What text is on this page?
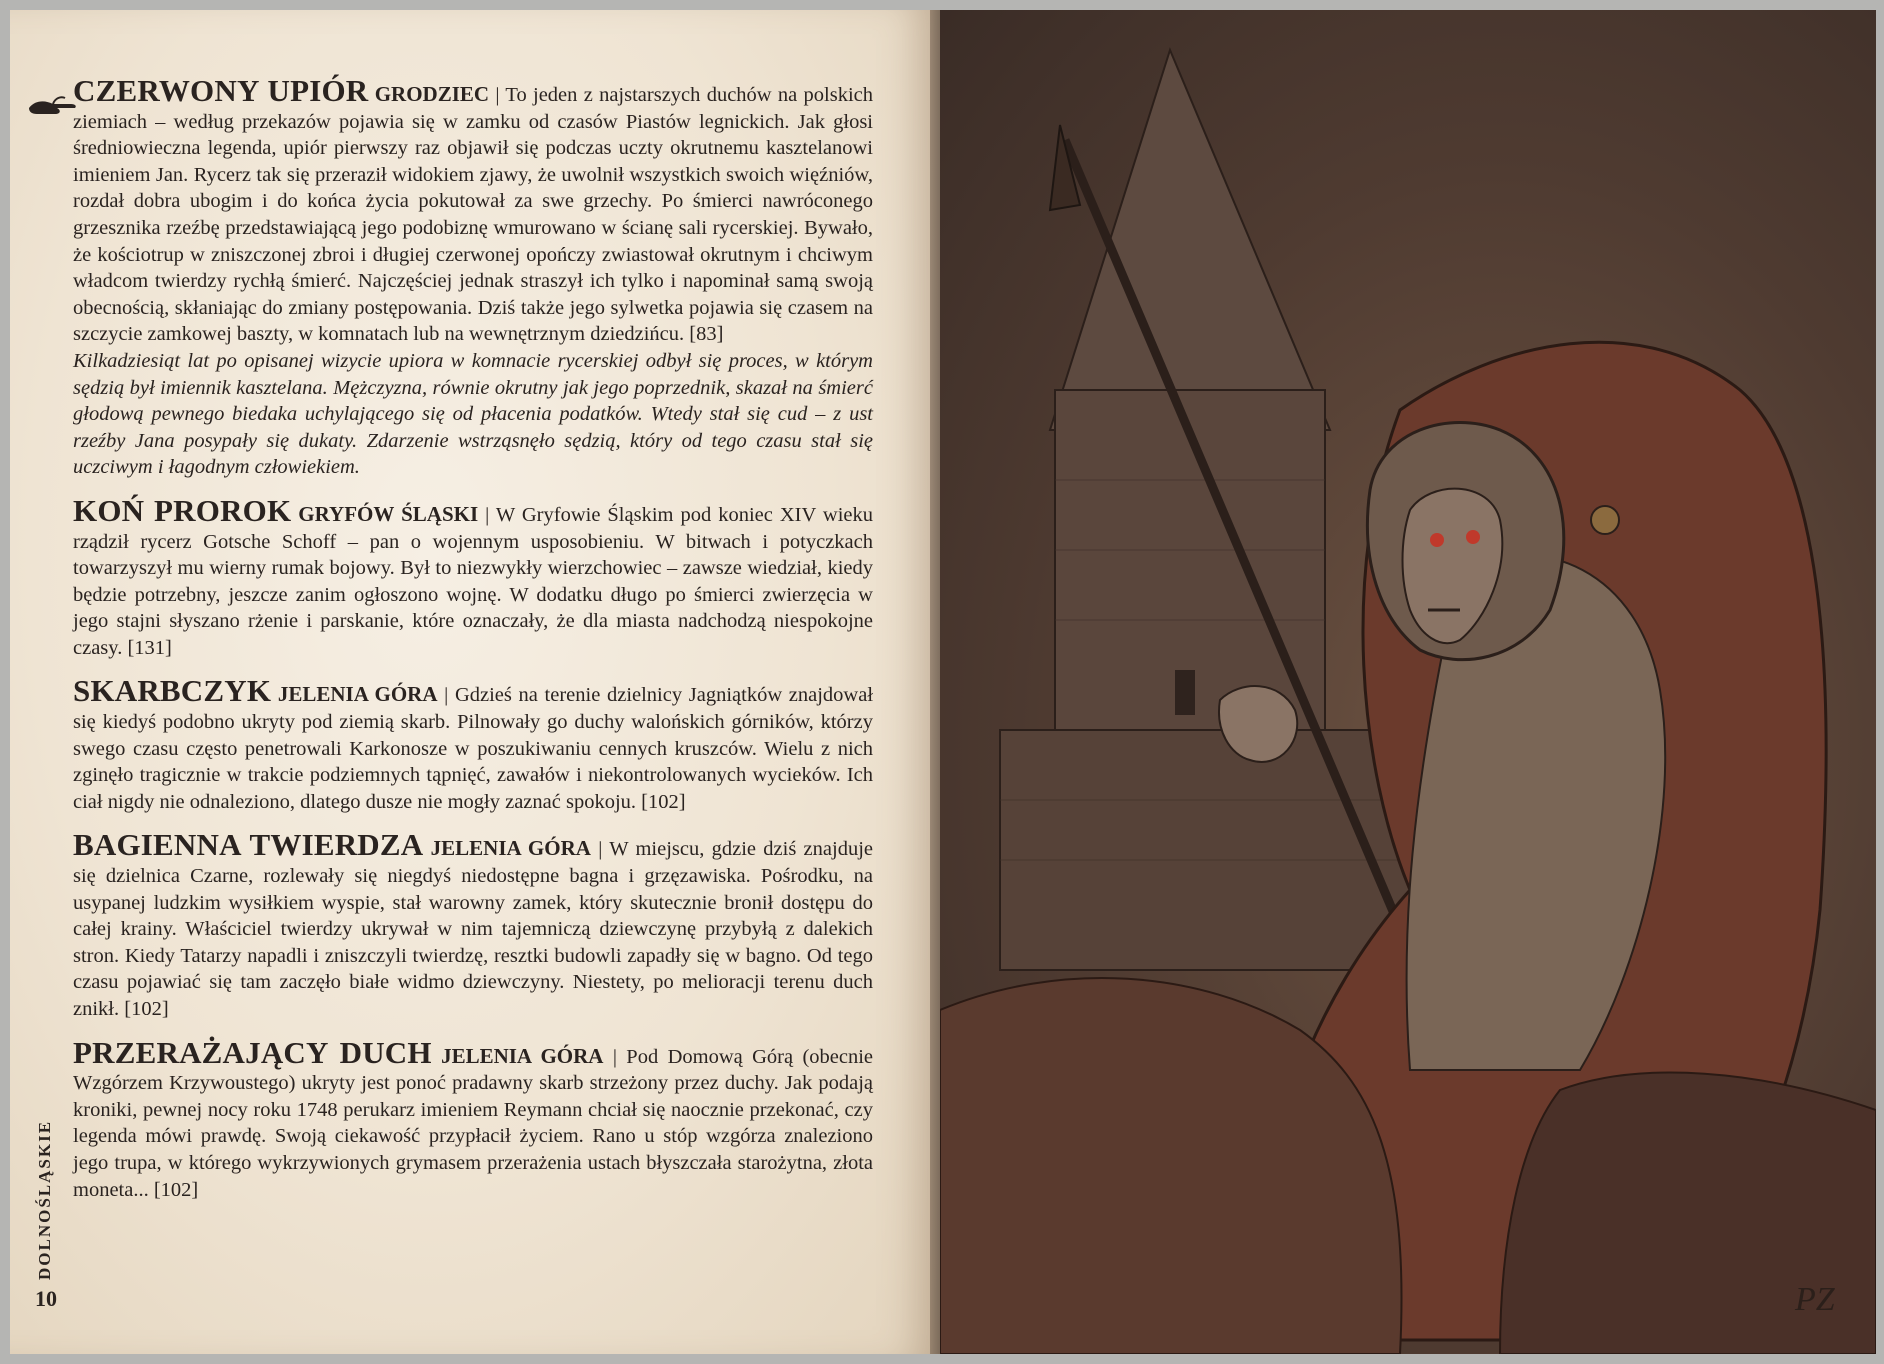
CZERWONY UPIÓR GRODZIEC | To jeden z najstarszych duchów na polskich ziemiach – według przekazów pojawia się w zamku od czasów Piastów legnickich. Jak głosi średniowieczna legenda, upiór pierwszy raz objawił się podczas uczty okrutnemu kasztelanowi imieniem Jan. Rycerz tak się przeraził widokiem zjawy, że uwolnił wszystkich swoich więźniów, rozdał dobra ubogim i do końca życia pokutował za swe grzechy. Po śmierci nawróconego grzesznika rzeźbę przedstawiającą jego podobiznę wmurowano w ścianę sali rycerskiej. Bywało, że kościotrup w zniszczonej zbroi i długiej czerwonej opończy zwiastował okrutnym i chciwym władcom twierdzy rychłą śmierć. Najczęściej jednak straszył ich tylko i napominał samą swoją obecnością, skłaniając do zmiany postępowania. Dziś także jego sylwetka pojawia się czasem na szczycie zamkowej baszty, w komnatach lub na wewnętrznym dziedzińcu. [83]
Kilkadziesiąt lat po opisanej wizycie upiora w komnacie rycerskiej odbył się proces, w którym sędzią był imiennik kasztelana. Mężczyzna, równie okrutny jak jego poprzednik, skazał na śmierć głodową pewnego biedaka uchylającego się od płacenia podatków. Wtedy stał się cud – z ust rzeźby Jana posypały się dukaty. Zdarzenie wstrząsnęło sędzią, który od tego czasu stał się uczciwym i łagodnym człowiekiem.
KOŃ PROROK GRYFÓW ŚLĄSKI | W Gryfowie Śląskim pod koniec XIV wieku rządził rycerz Gotsche Schoff – pan o wojennym usposobieniu. W bitwach i potyczkach towarzyszył mu wierny rumak bojowy. Był to niezwykły wierzchowiec – zawsze wiedział, kiedy będzie potrzebny, jeszcze zanim ogłoszono wojnę. W dodatku długo po śmierci zwierzęcia w jego stajni słyszano rżenie i parskanie, które oznaczały, że dla miasta nadchodzą niespokojne czasy. [131]
SKARBCZYK JELENIA GÓRA | Gdzieś na terenie dzielnicy Jagniątków znajdował się kiedyś podobno ukryty pod ziemią skarb. Pilnowały go duchy walońskich górników, którzy swego czasu często penetrowali Karkonosze w poszukiwaniu cennych kruszców. Wielu z nich zginęło tragicznie w trakcie podziemnych tąpnięć, zawałów i niekontrolowanych wycieków. Ich ciał nigdy nie odnaleziono, dlatego dusze nie mogły zaznać spokoju. [102]
BAGIENNA TWIERDZA JELENIA GÓRA | W miejscu, gdzie dziś znajduje się dzielnica Czarne, rozlewały się niegdyś niedostępne bagna i grzęzawiska. Pośrodku, na usypanej ludzkim wysiłkiem wyspie, stał warowny zamek, który skutecznie bronił dostępu do całej krainy. Właściciel twierdzy ukrywał w nim tajemniczą dziewczynę przybyłą z dalekich stron. Kiedy Tatarzy napadli i zniszczyli twierdzę, resztki budowli zapadły się w bagno. Od tego czasu pojawiać się tam zaczęło białe widmo dziewczyny. Niestety, po melioracji terenu duch znikł. [102]
PRZERAŻAJĄCY DUCH JELENIA GÓRA | Pod Domową Górą (obecnie Wzgórzem Krzywoustego) ukryty jest ponoć pradawny skarb strzeżony przez duchy. Jak podają kroniki, pewnej nocy roku 1748 perukarz imieniem Reymann chciał się naocznie przekonać, czy legenda mówi prawdę. Swoją ciekawość przypłacił życiem. Rano u stóp wzgórza znaleziono jego trupa, w którego wykrzywionych grymasem przerażenia ustach błyszczała starożytna, złota moneta... [102]
DOLNOŚLĄSKIE
10	PZ
